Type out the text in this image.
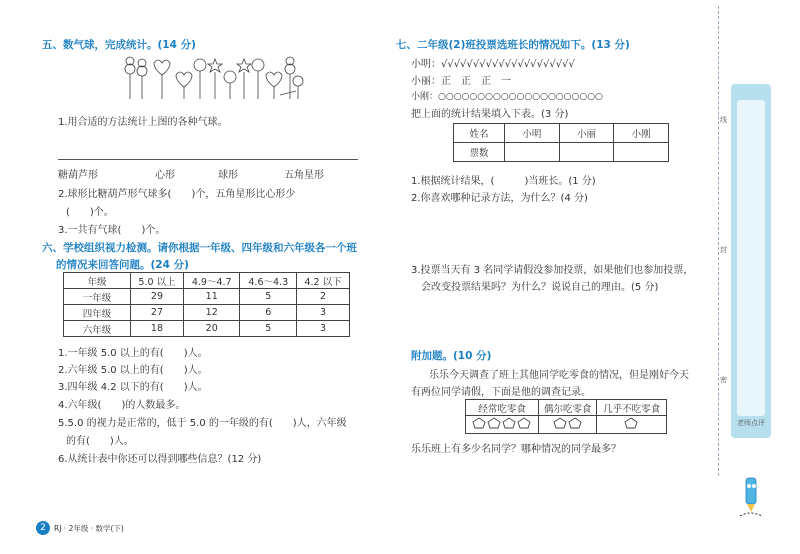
五、数气球，完成统计。(14 分)
1.用合适的方法统计上图的各种气球。
糖葫芦形	心形	球形	五角星形
2.球形比糖葫芦形气球多(　　)个，五角星形比心形少
(　　)个。
3.一共有气球(　　)个。
六、学校组织视力检测。请你根据一年级、四年级和六年级各一个班
的情况来回答问题。(24 分)
年级	5.0 以上	4.9～4.7	4.6～4.3	4.2 以下
一年级	29	11	5	2
四年级	27	12	6	3
六年级	18	20	5	3
1.一年级 5.0 以上的有(　　)人。
2.六年级 5.0 以上的有(　　)人。
3.四年级 4.2 以下的有(　　)人。
4.六年级(　　)的人数最多。
5.5.0 的视力是正常的，低于 5.0 的一年级的有(　　)人，六年级
的有(　　)人。
6.从统计表中你还可以得到哪些信息？(12 分)
2	RJ · 2年级 · 数学(下)
七、二年级(2)班投票选班长的情况如下。(13 分)
小明：√√√√√√√√√√√√√√√√√√√√√
小丽：正　正　正　一
小刚：○○○○○○○○○○○○○○○○○○○○○
把上面的统计结果填入下表。(3 分)
姓名	小明	小丽	小刚
票数			
1.根据统计结果，(　　　)当班长。(1 分)
2.你喜欢哪种记录方法，为什么？(4 分)
3.投票当天有 3 名同学请假没参加投票，如果他们也参加投票，
会改变投票结果吗？为什么？说说自己的理由。(5 分)
附加题。(10 分)
乐乐今天调查了班上其他同学吃零食的情况，但是刚好今天
有两位同学请假，下面是他的调查记录。
经常吃零食	偶尔吃零食	几乎不吃零食

乐乐班上有多少名同学？哪种情况的同学最多？
线
封
密
老师点评
